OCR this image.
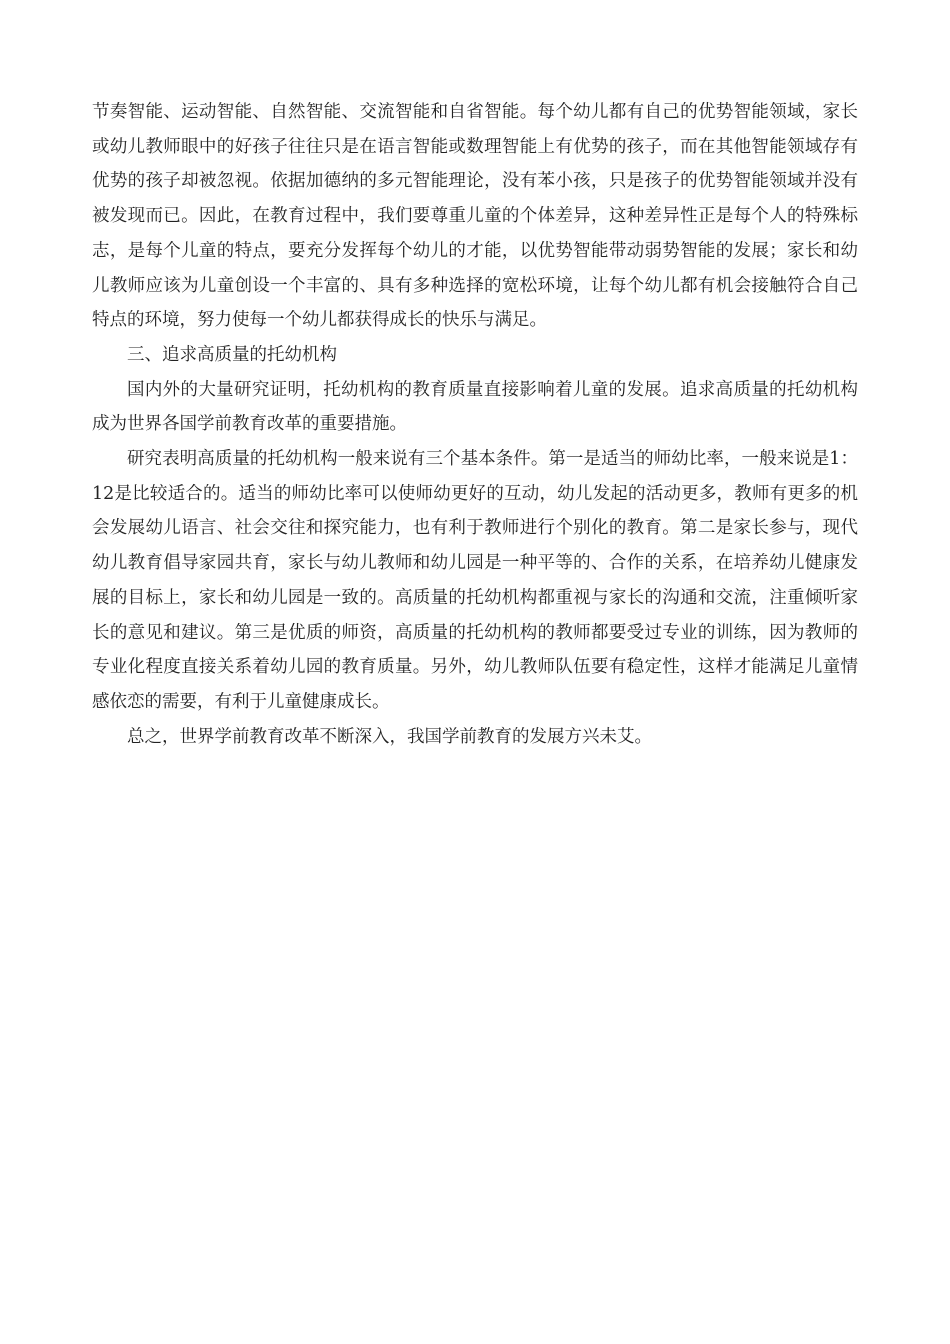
节奏智能、运动智能、自然智能、交流智能和自省智能。每个幼儿都有自己的优势智能领域，家长或幼儿教师眼中的好孩子往往只是在语言智能或数理智能上有优势的孩子，而在其他智能领域存有优势的孩子却被忽视。依据加德纳的多元智能理论，没有苯小孩，只是孩子的优势智能领域并没有被发现而已。因此，在教育过程中，我们要尊重儿童的个体差异，这种差异性正是每个人的特殊标志，是每个儿童的特点，要充分发挥每个幼儿的才能，以优势智能带动弱势智能的发展；家长和幼儿教师应该为儿童创设一个丰富的、具有多种选择的宽松环境，让每个幼儿都有机会接触符合自己特点的环境，努力使每一个幼儿都获得成长的快乐与满足。

三、追求高质量的托幼机构

国内外的大量研究证明，托幼机构的教育质量直接影响着儿童的发展。追求高质量的托幼机构成为世界各国学前教育改革的重要措施。

研究表明高质量的托幼机构一般来说有三个基本条件。第一是适当的师幼比率，一般来说是1：12是比较适合的。适当的师幼比率可以使师幼更好的互动，幼儿发起的活动更多，教师有更多的机会发展幼儿语言、社会交往和探究能力，也有利于教师进行个别化的教育。第二是家长参与，现代幼儿教育倡导家园共育，家长与幼儿教师和幼儿园是一种平等的、合作的关系，在培养幼儿健康发展的目标上，家长和幼儿园是一致的。高质量的托幼机构都重视与家长的沟通和交流，注重倾听家长的意见和建议。第三是优质的师资，高质量的托幼机构的教师都要受过专业的训练，因为教师的专业化程度直接关系着幼儿园的教育质量。另外，幼儿教师队伍要有稳定性，这样才能满足儿童情感依恋的需要，有利于儿童健康成长。

总之，世界学前教育改革不断深入，我国学前教育的发展方兴未艾。
